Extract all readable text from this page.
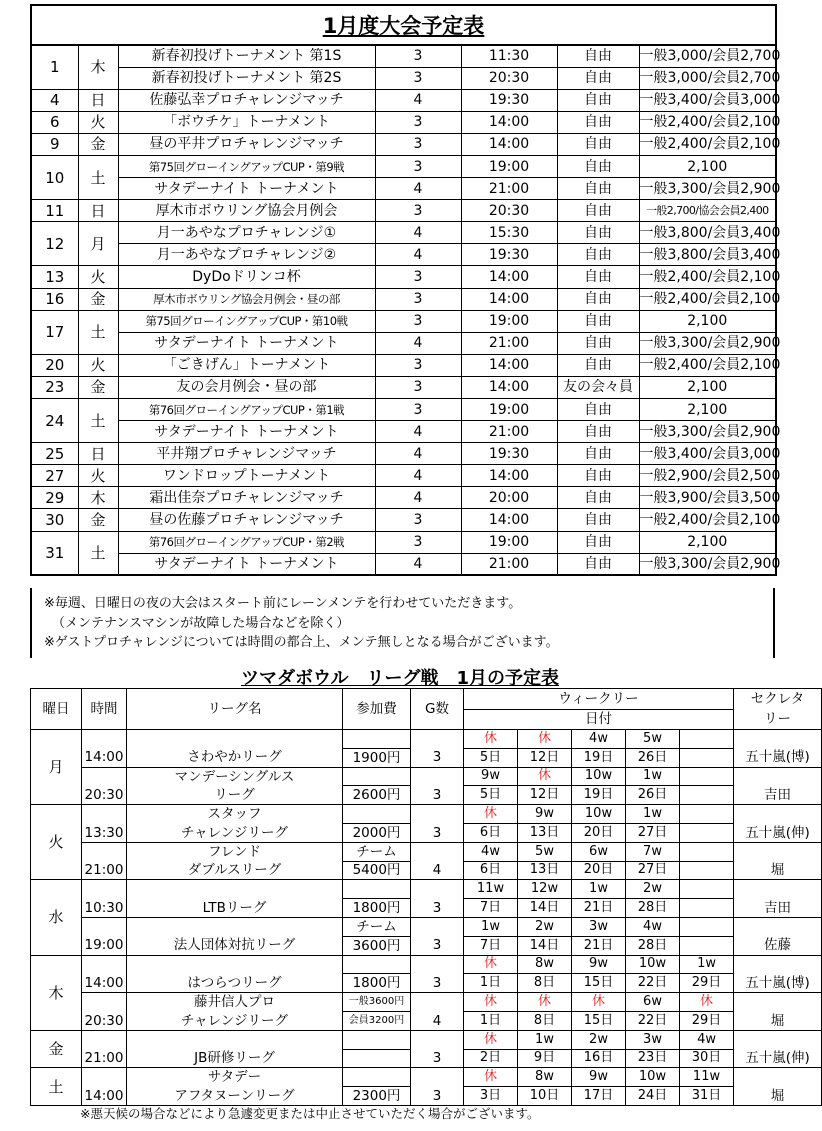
1月度大会予定表						
1	木	新春初投げトーナメント 第1S	3	11:30	自由	一般3,000/会員2,700
		新春初投げトーナメント 第2S	3	20:30	自由	一般3,000/会員2,700
4	日	佐藤弘幸プロチャレンジマッチ	4	19:30	自由	一般3,400/会員3,000
6	火	「ボウチケ」トーナメント	3	14:00	自由	一般2,400/会員2,100
9	金	昼の平井プロチャレンジマッチ	3	14:00	自由	一般2,400/会員2,100
10	土	第75回グローイングアップCUP・第9戦	3	19:00	自由	2,100
		サタデーナイト トーナメント	4	21:00	自由	一般3,300/会員2,900
11	日	厚木市ボウリング協会月例会	3	20:30	自由	一般2,700/協会会員2,400
12	月	月一あやなプロチャレンジ①	4	15:30	自由	一般3,800/会員3,400
		月一あやなプロチャレンジ②	4	19:30	自由	一般3,800/会員3,400
13	火	DyDoドリンコ杯	3	14:00	自由	一般2,400/会員2,100
16	金	厚木市ボウリング協会月例会・昼の部	3	14:00	自由	一般2,400/会員2,100
17	土	第75回グローイングアップCUP・第10戦	3	19:00	自由	2,100
		サタデーナイト トーナメント	4	21:00	自由	一般3,300/会員2,900
20	火	「ごきげん」トーナメント	3	14:00	自由	一般2,400/会員2,100
23	金	友の会月例会・昼の部	3	14:00	友の会々員	2,100
24	土	第76回グローイングアップCUP・第1戦	3	19:00	自由	2,100
		サタデーナイト トーナメント	4	21:00	自由	一般3,300/会員2,900
25	日	平井翔プロチャレンジマッチ	4	19:30	自由	一般3,400/会員3,000
27	火	ワンドロップトーナメント	4	14:00	自由	一般2,900/会員2,500
29	木	霜出佳奈プロチャレンジマッチ	4	20:00	自由	一般3,900/会員3,500
30	金	昼の佐藤プロチャレンジマッチ	3	14:00	自由	一般2,400/会員2,100
31	土	第76回グローイングアップCUP・第2戦	3	19:00	自由	2,100
		サタデーナイト トーナメント	4	21:00	自由	一般3,300/会員2,900
※毎週、日曜日の夜の大会はスタート前にレーンメンテを行わせていただきます。
（メンテナンスマシンが故障した場合などを除く）
※ゲストプロチャレンジについては時間の都合上、メンテ無しとなる場合がございます。
ツマダボウル　リーグ戦　1月の予定表
曜日	時間	リーグ名	参加費	G数	ウィークリー					セクレタ リー
					日付					
月					休	休	4w	5w		
	14:00	さわやかリーグ	1900円	3	5日	12日	19日	26日		五十嵐(博)
		マンデーシングルス			9w	休	10w	1w		
	20:30	リーグ	2600円	3	5日	12日	19日	26日		吉田
火		スタッフ			休	9w	10w	1w		
	13:30	チャレンジリーグ	2000円	3	6日	13日	20日	27日		五十嵐(伸)
		フレンド	チーム		4w	5w	6w	7w		
	21:00	ダブルスリーグ	5400円	4	6日	13日	20日	27日		堀
水					11w	12w	1w	2w		
	10:30	LTBリーグ	1800円	3	7日	14日	21日	28日		吉田
			チーム		1w	2w	3w	4w		
	19:00	法人団体対抗リーグ	3600円	3	7日	14日	21日	28日		佐藤
木					休	8w	9w	10w	1w	
	14:00	はつらつリーグ	1800円	3	1日	8日	15日	22日	29日	五十嵐(博)
		藤井信人プロ	一般3600円		休	休	休	6w	休	
	20:30	チャレンジリーグ	会員3200円	4	1日	8日	15日	22日	29日	堀
金					休	1w	2w	3w	4w	
	21:00	JB研修リーグ		3	2日	9日	16日	23日	30日	五十嵐(伸)
土		サタデー			休	8w	9w	10w	11w	
	14:00	アフタヌーンリーグ	2300円	3	3日	10日	17日	24日	31日	堀
※悪天候の場合などにより急遽変更または中止させていただく場合がございます。
